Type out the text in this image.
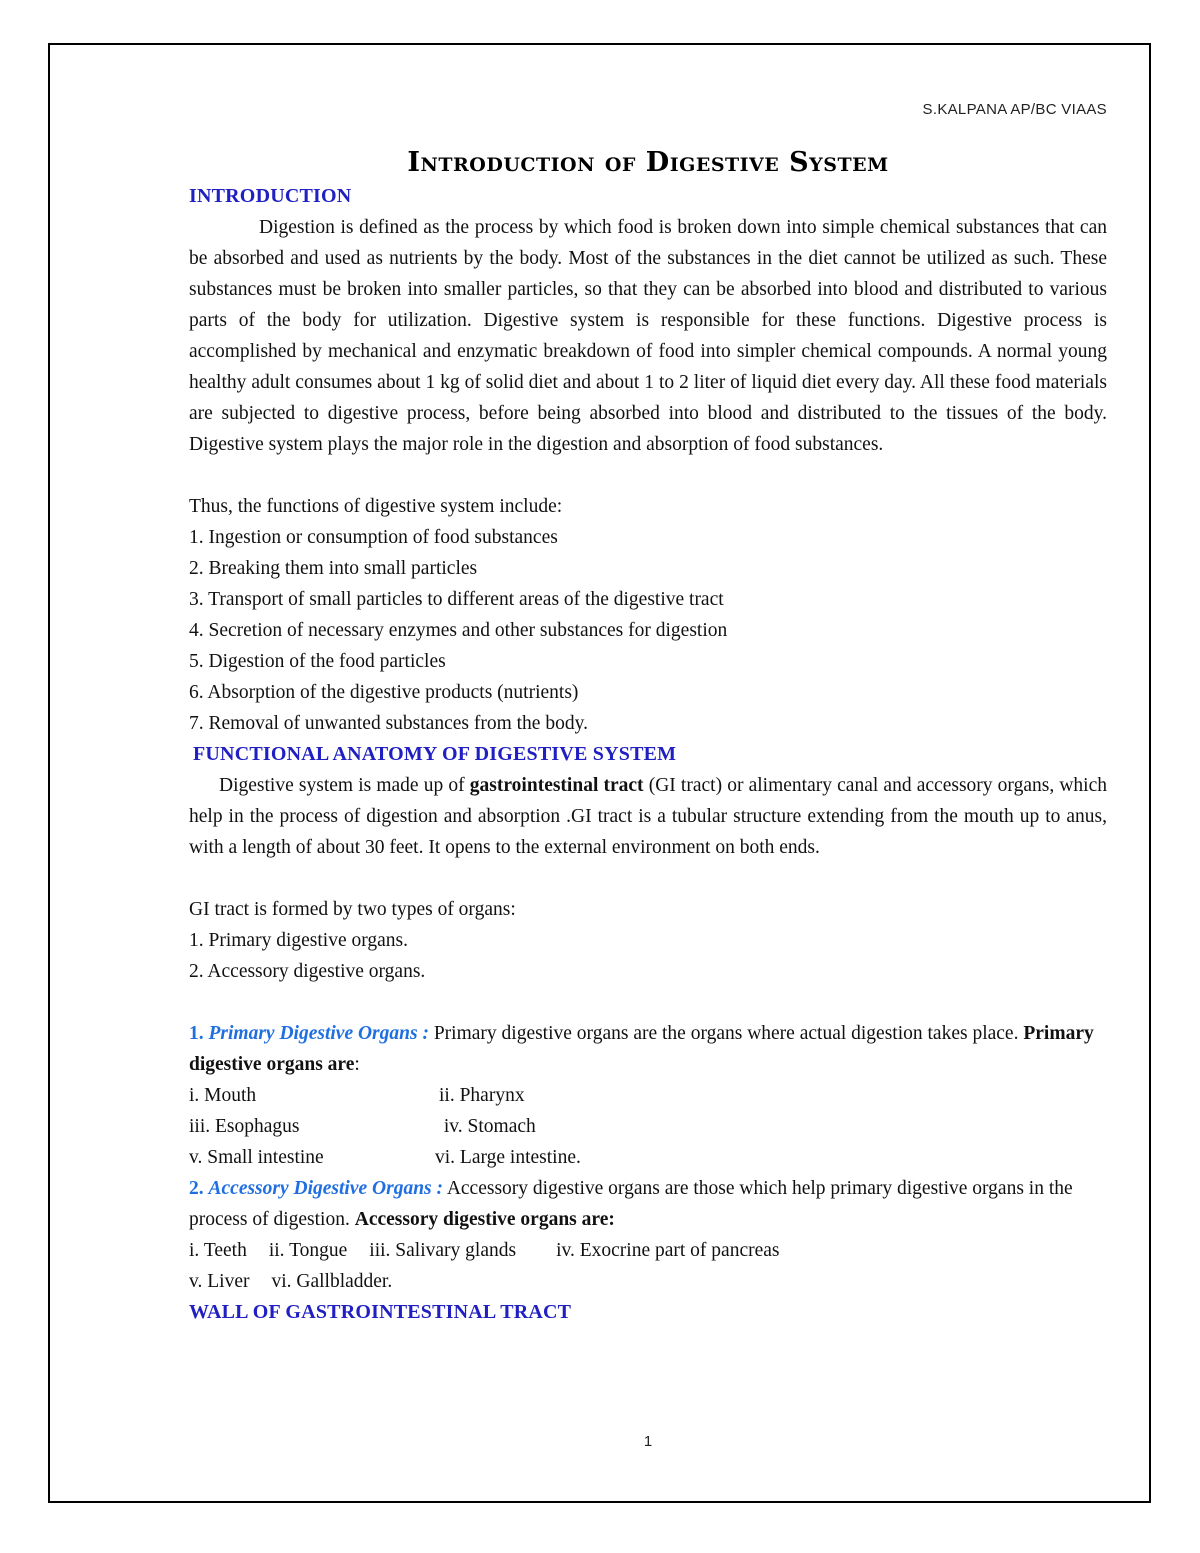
S.KALPANA AP/BC VIAAS
Introduction of Digestive System
INTRODUCTION

Digestion is defined as the process by which food is broken down into simple chemical substances that can be absorbed and used as nutrients by the body. Most of the substances in the diet cannot be utilized as such. These substances must be broken into smaller particles, so that they can be absorbed into blood and distributed to various parts of the body for utilization. Digestive system is responsible for these functions. Digestive process is accomplished by mechanical and enzymatic breakdown of food into simpler chemical compounds. A normal young healthy adult consumes about 1 kg of solid diet and about 1 to 2 liter of liquid diet every day. All these food materials are subjected to digestive process, before being absorbed into blood and distributed to the tissues of the body. Digestive system plays the major role in the digestion and absorption of food substances.

Thus, the functions of digestive system include:

1. Ingestion or consumption of food substances
2. Breaking them into small particles
3. Transport of small particles to different areas of the digestive tract
4. Secretion of necessary enzymes and other substances for digestion
5. Digestion of the food particles
6. Absorption of the digestive products (nutrients)
7. Removal of unwanted substances from the body.
FUNCTIONAL ANATOMY OF DIGESTIVE SYSTEM

Digestive system is made up of gastrointestinal tract (GI tract) or alimentary canal and accessory organs, which help in the process of digestion and absorption .GI tract is a tubular structure extending from the mouth up to anus, with a length of about 30 feet. It opens to the external environment on both ends.

GI tract is formed by two types of organs:

1. Primary digestive organs.
2. Accessory digestive organs.

1. Primary Digestive Organs : Primary digestive organs are the organs where actual digestion takes place. Primary digestive organs are:

i. Mouth	ii. Pharynx
iii. Esophagus	iv. Stomach
v. Small intestine	vi. Large intestine.

2. Accessory Digestive Organs : Accessory digestive organs are those which help primary digestive organs in the process of digestion. Accessory digestive organs are:

i. Teeth ii. Tongue iii. Salivary glands iv. Exocrine part of pancreas
v. Liver vi. Gallbladder.
WALL OF GASTROINTESTINAL TRACT
1
